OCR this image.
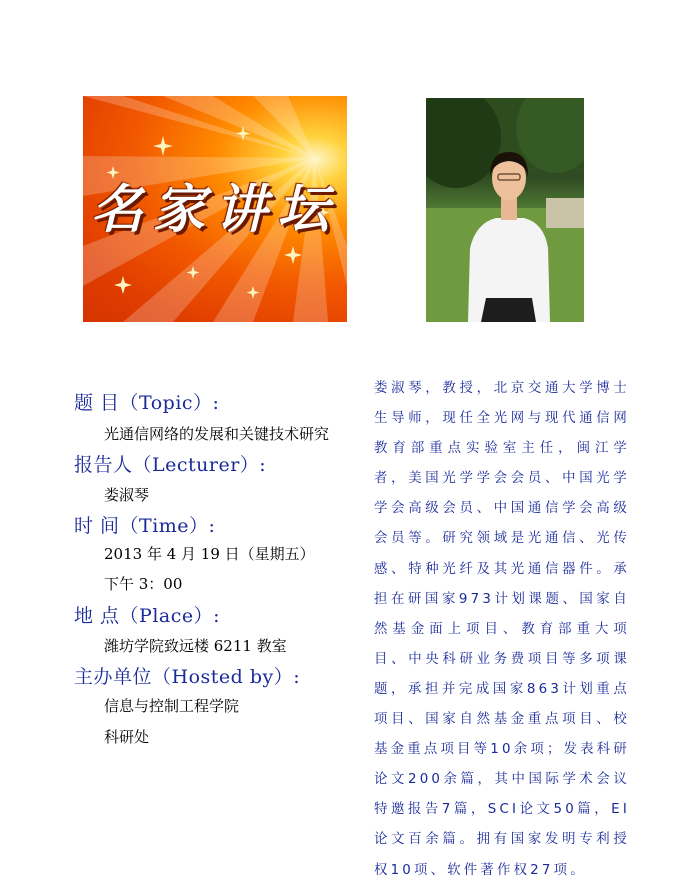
名家讲坛
题 目（Topic）:
光通信网络的发展和关键技术研究
报告人（Lecturer）:
娄淑琴
时 间（Time）:
2013 年 4 月 19 日（星期五）
下午 3：00
地 点（Place）:
潍坊学院致远楼 6211 教室
主办单位（Hosted by）:
信息与控制工程学院
科研处
娄淑琴，教授，北京交通大学博士生导师，现任全光网与现代通信网教育部重点实验室主任，闽江学者，美国光学学会会员、中国光学学会高级会员、中国通信学会高级会员等。研究领域是光通信、光传感、特种光纤及其光通信器件。承担在研国家973计划课题、国家自然基金面上项目、教育部重大项目、中央科研业务费项目等多项课题，承担并完成国家863计划重点项目、国家自然基金重点项目、校基金重点项目等10余项；发表科研论文200余篇，其中国际学术会议特邀报告7篇，SCI论文50篇，EI论文百余篇。拥有国家发明专利授权10项、软件著作权27项。
